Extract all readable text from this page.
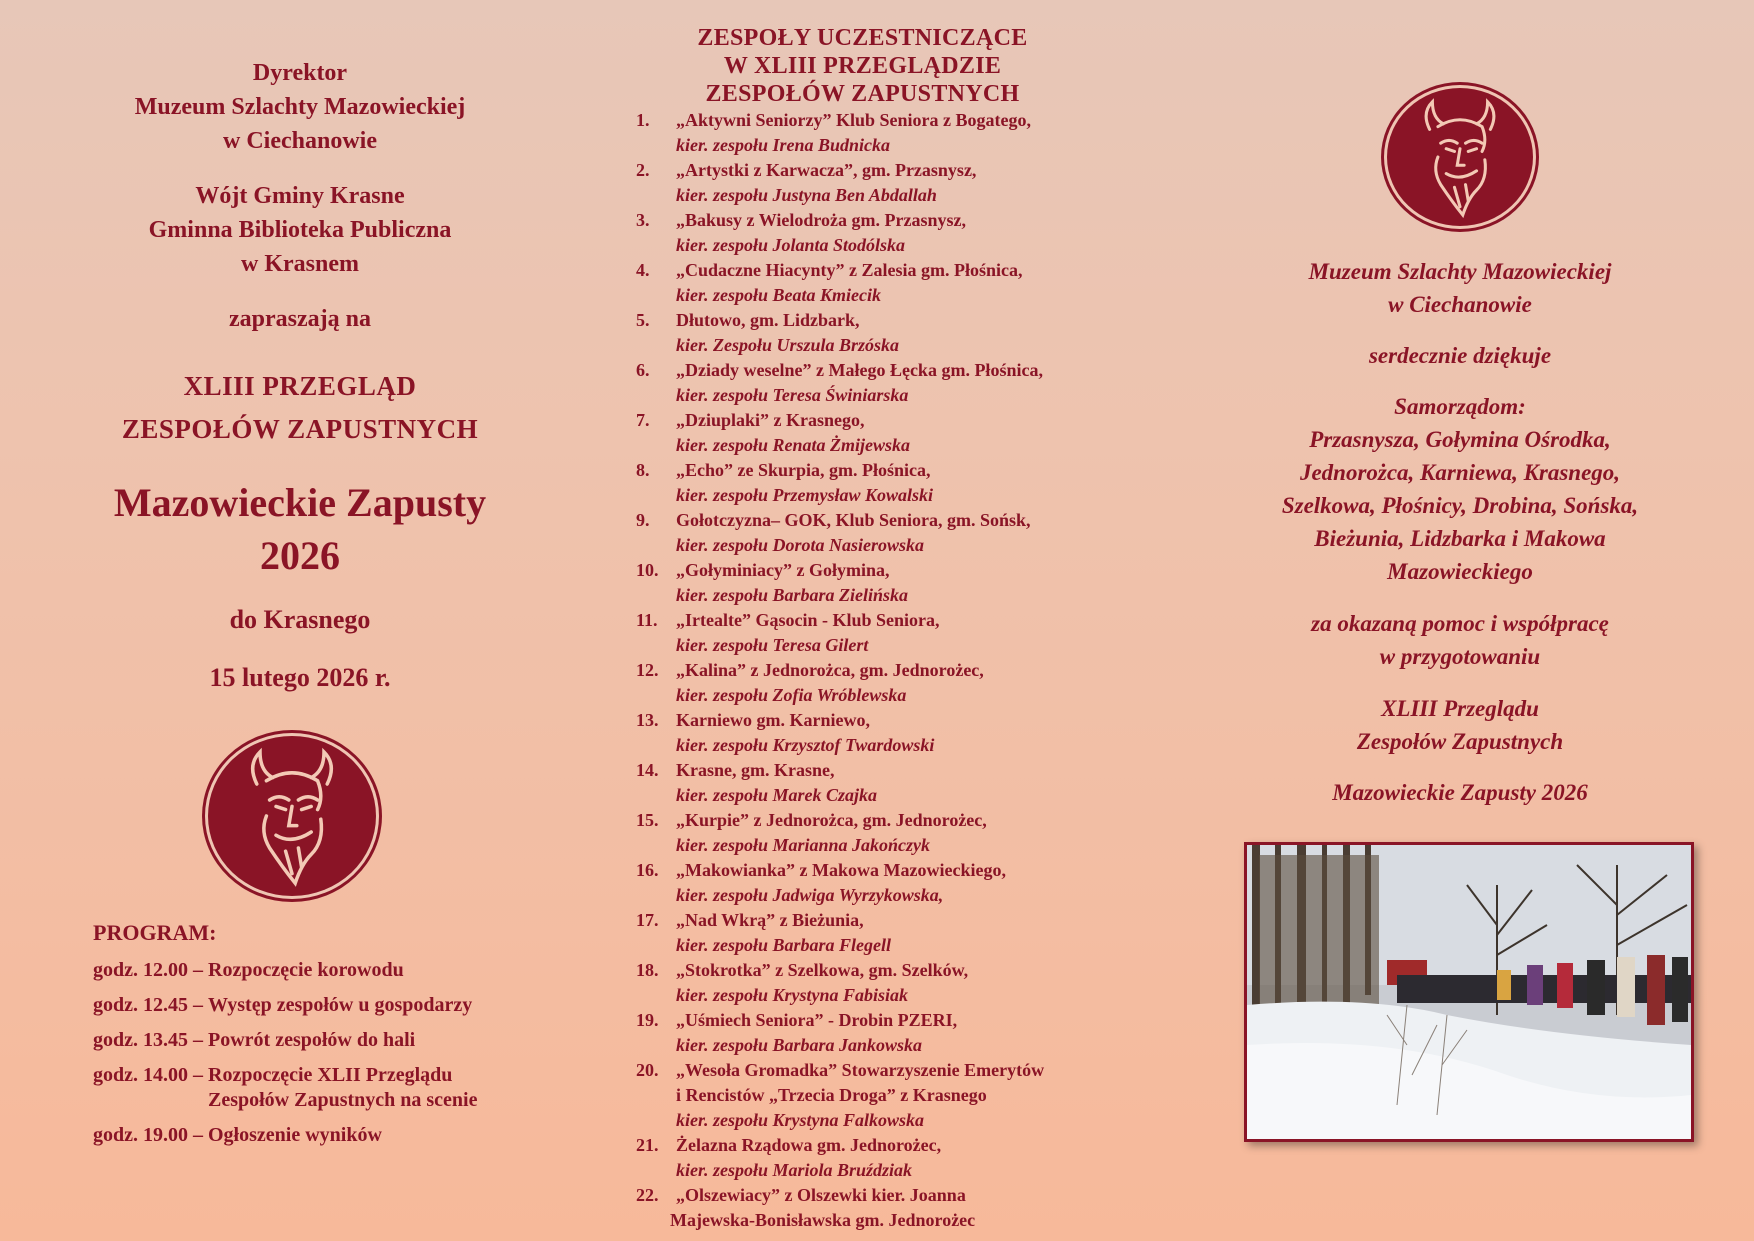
Dyrektor

Muzeum Szlachty Mazowieckiej

w Ciechanowie

Wójt Gminy Krasne

Gminna Biblioteka Publiczna

w Krasnem

zapraszają na

XLIII PRZEGLĄD

ZESPOŁÓW ZAPUSTNYCH

Mazowieckie Zapusty

2026

do Krasnego

15 lutego 2026 r.

PROGRAM:
godz. 12.00 – Rozpoczęcie korowodu
godz. 12.45 – Występ zespołów u gospodarzy
godz. 13.45 – Powrót zespołów do hali
godz. 14.00 – Rozpoczęcie XLII Przeglądu Zespołów Zapustnych na scenie
godz. 19.00 – Ogłoszenie wyników
ZESPOŁY UCZESTNICZĄCE
W XLIII PRZEGLĄDZIE
ZESPOŁÓW ZAPUSTNYCH
1. „Aktywni Seniorzy” Klub Seniora z Bogatego,
kier. zespołu Irena Budnicka
2. „Artystki z Karwacza”, gm. Przasnysz,
kier. zespołu Justyna Ben Abdallah
3. „Bakusy z Wielodroża gm. Przasnysz,
kier. zespołu Jolanta Stodólska
4. „Cudaczne Hiacynty” z Zalesia gm. Płośnica,
kier. zespołu Beata Kmiecik
5. Dłutowo, gm. Lidzbark,
kier. Zespołu Urszula Brzóska
6. „Dziady weselne” z Małego Łęcka gm. Płośnica,
kier. zespołu Teresa Świniarska
7. „Dziuplaki” z Krasnego,
kier. zespołu Renata Żmijewska
8. „Echo” ze Skurpia, gm. Płośnica,
kier. zespołu Przemysław Kowalski
9. Gołotczyzna– GOK, Klub Seniora, gm. Sońsk,
kier. zespołu Dorota Nasierowska
10. „Gołyminiacy” z Gołymina,
kier. zespołu Barbara Zielińska
11. „Irtealte” Gąsocin - Klub Seniora,
kier. zespołu Teresa Gilert
12. „Kalina” z Jednorożca, gm. Jednorożec,
kier. zespołu Zofia Wróblewska
13. Karniewo gm. Karniewo,
kier. zespołu Krzysztof Twardowski
14. Krasne, gm. Krasne,
kier. zespołu Marek Czajka
15. „Kurpie” z Jednorożca, gm. Jednorożec,
kier. zespołu Marianna Jakończyk
16. „Makowianka” z Makowa Mazowieckiego,
kier. zespołu Jadwiga Wyrzykowska,
17. „Nad Wkrą” z Bieżunia,
kier. zespołu Barbara Flegell
18. „Stokrotka” z Szelkowa, gm. Szelków,
kier. zespołu Krystyna Fabisiak
19. „Uśmiech Seniora” - Drobin PZERI,
kier. zespołu Barbara Jankowska
20. „Wesoła Gromadka” Stowarzyszenie Emerytów
i Rencistów „Trzecia Droga” z Krasnego
kier. zespołu Krystyna Falkowska
21. Żelazna Rządowa gm. Jednorożec,
kier. zespołu Mariola Bruździak
22. „Olszewiacy” z Olszewki kier. Joanna
Majewska-Bonisławska gm. Jednorożec

Muzeum Szlachty Mazowieckiej

w Ciechanowie

serdecznie dziękuje

Samorządom:

Przasnysza, Gołymina Ośrodka,

Jednorożca, Karniewa, Krasnego,

Szelkowa, Płośnicy, Drobina, Sońska,

Bieżunia, Lidzbarka i Makowa

Mazowieckiego

za okazaną pomoc i współpracę

w przygotowaniu

XLIII Przeglądu

Zespołów Zapustnych

Mazowieckie Zapusty 2026
